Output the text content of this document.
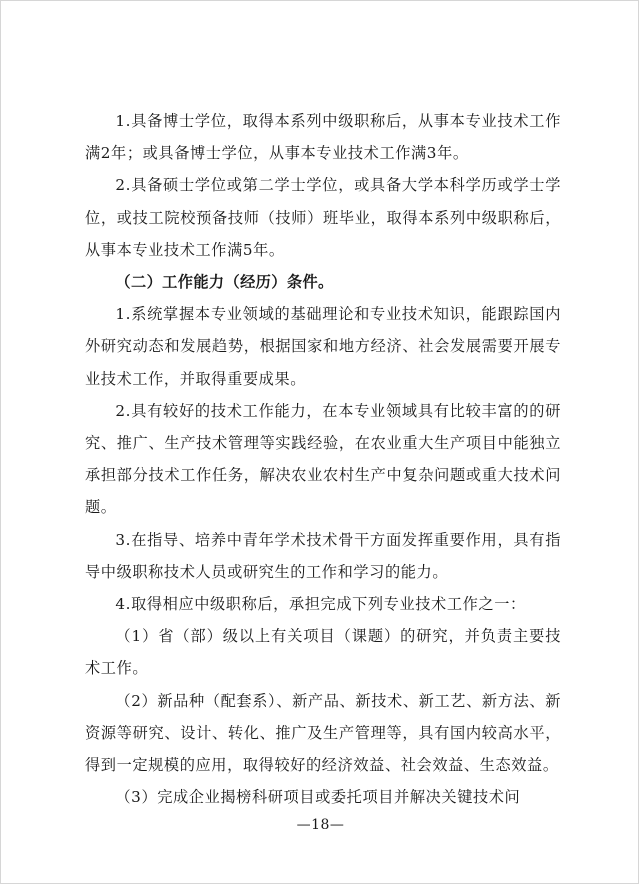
1.具备博士学位，取得本系列中级职称后，从事本专业技术工作满2年；或具备博士学位，从事本专业技术工作满3年。

2.具备硕士学位或第二学士学位，或具备大学本科学历或学士学位，或技工院校预备技师（技师）班毕业，取得本系列中级职称后，从事本专业技术工作满5年。

（二）工作能力（经历）条件。

1.系统掌握本专业领域的基础理论和专业技术知识，能跟踪国内外研究动态和发展趋势，根据国家和地方经济、社会发展需要开展专业技术工作，并取得重要成果。

2.具有较好的技术工作能力，在本专业领域具有比较丰富的的研究、推广、生产技术管理等实践经验，在农业重大生产项目中能独立承担部分技术工作任务，解决农业农村生产中复杂问题或重大技术问题。

3.在指导、培养中青年学术技术骨干方面发挥重要作用，具有指导中级职称技术人员或研究生的工作和学习的能力。

4.取得相应中级职称后，承担完成下列专业技术工作之一：

（1）省（部）级以上有关项目（课题）的研究，并负责主要技术工作。

（2）新品种（配套系）、新产品、新技术、新工艺、新方法、新资源等研究、设计、转化、推广及生产管理等，具有国内较高水平，得到一定规模的应用，取得较好的经济效益、社会效益、生态效益。

（3）完成企业揭榜科研项目或委托项目并解决关键技术问

—18—
